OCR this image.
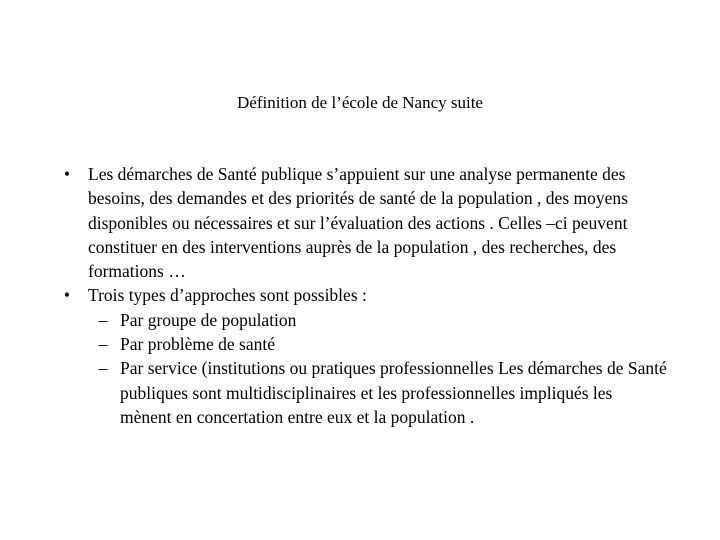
Définition de l’école de Nancy suite
•	Les démarches de Santé publique s’appuient sur une analyse permanente des besoins, des demandes et des priorités de santé de la population , des moyens disponibles ou nécessaires et sur l’évaluation des actions . Celles –ci peuvent constituer en des interventions auprès de la population , des recherches, des formations …
•	Trois types d’approches sont possibles :
– Par groupe de population
– Par problème de santé
– Par service (institutions ou pratiques professionnelles Les démarches de Santé publiques sont multidisciplinaires et les professionnelles impliqués les mènent en concertation entre eux et la population .
